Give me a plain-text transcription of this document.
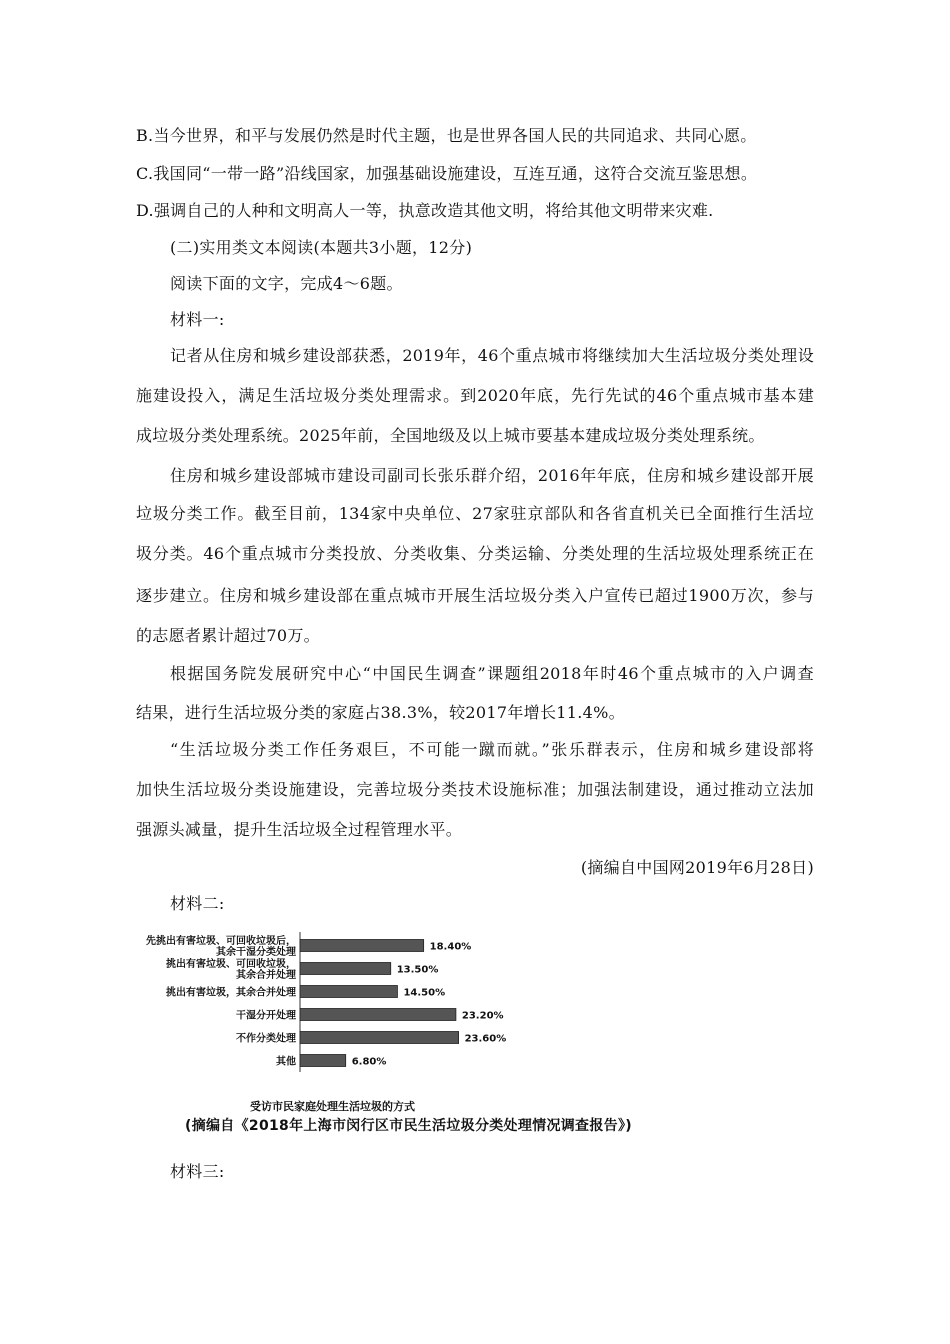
B.当今世界，和平与发展仍然是时代主题，也是世界各国人民的共同追求、共同心愿。
C.我国同“一带一路”沿线国家，加强基础设施建设，互连互通，这符合交流互鉴思想。
D.强调自己的人种和文明高人一等，执意改造其他文明，将给其他文明带来灾难.
(二)实用类文本阅读(本题共3小题，12分)
阅读下面的文字，完成4～6题。
材料一:
记者从住房和城乡建设部获悉，2019年，46个重点城市将继续加大生活垃圾分类处理设
施建设投入，满足生活垃圾分类处理需求。到2020年底，先行先试的46个重点城市基本建
成垃圾分类处理系统。2025年前，全国地级及以上城市要基本建成垃圾分类处理系统。
住房和城乡建设部城市建设司副司长张乐群介绍，2016年年底，住房和城乡建设部开展
垃圾分类工作。截至目前，134家中央单位、27家驻京部队和各省直机关已全面推行生活垃
圾分类。46个重点城市分类投放、分类收集、分类运输、分类处理的生活垃圾处理系统正在
逐步建立。住房和城乡建设部在重点城市开展生活垃圾分类入户宣传已超过1900万次，参与
的志愿者累计超过70万。
根据国务院发展研究中心“中国民生调查”课题组2018年时46个重点城市的入户调查
结果，进行生活垃圾分类的家庭占38.3%，较2017年增长11.4%。
“生活垃圾分类工作任务艰巨，不可能一蹴而就。”张乐群表示，住房和城乡建设部将
加快生活垃圾分类设施建设，完善垃圾分类技术设施标准；加强法制建设，通过推动立法加
强源头减量，提升生活垃圾全过程管理水平。
(摘编自中国网2019年6月28日)
材料二:
18.40%
先挑出有害垃圾、可回收垃圾后，
其余干湿分类处理
13.50%
挑出有害垃圾、可回收垃圾，
其余合并处理
14.50%
挑出有害垃圾，其余合并处理
23.20%
干湿分开处理
23.60%
不作分类处理
6.80%
其他
受访市民家庭处理生活垃圾的方式
(摘编自《2018年上海市闵行区市民生活垃圾分类处理情况调查报告》)
材料三:
